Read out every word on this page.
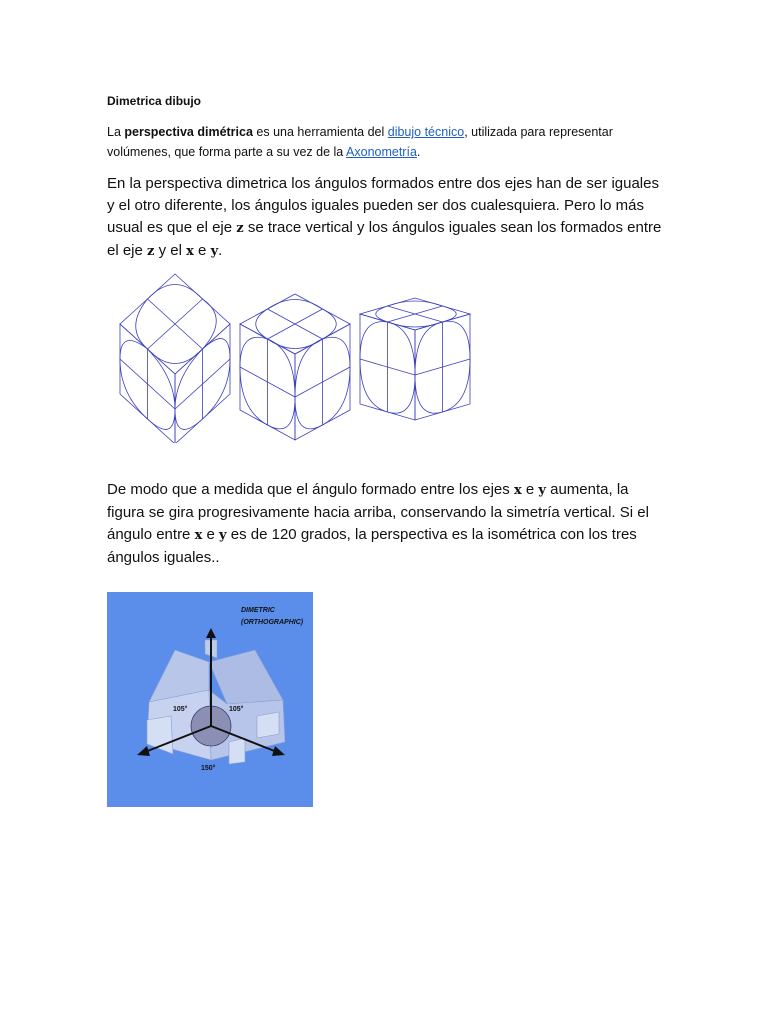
Dimetrica dibujo
La perspectiva dimétrica es una herramienta del dibujo técnico, utilizada para representar volúmenes, que forma parte a su vez de la Axonometría.
En la perspectiva dimetrica los ángulos formados entre dos ejes han de ser iguales y el otro diferente, los ángulos iguales pueden ser dos cualesquiera. Pero lo más usual es que el eje z se trace vertical y los ángulos iguales sean los formados entre el eje z y el x e y.
De modo que a medida que el ángulo formado entre los ejes x e y aumenta, la figura se gira progresivamente hacia arriba, conservando la simetría vertical. Si el ángulo entre x e y es de 120 grados, la perspectiva es la isométrica con los tres ángulos iguales..
DIMETRIC
(ORTHOGRAPHIC)
105°	105°
150°
